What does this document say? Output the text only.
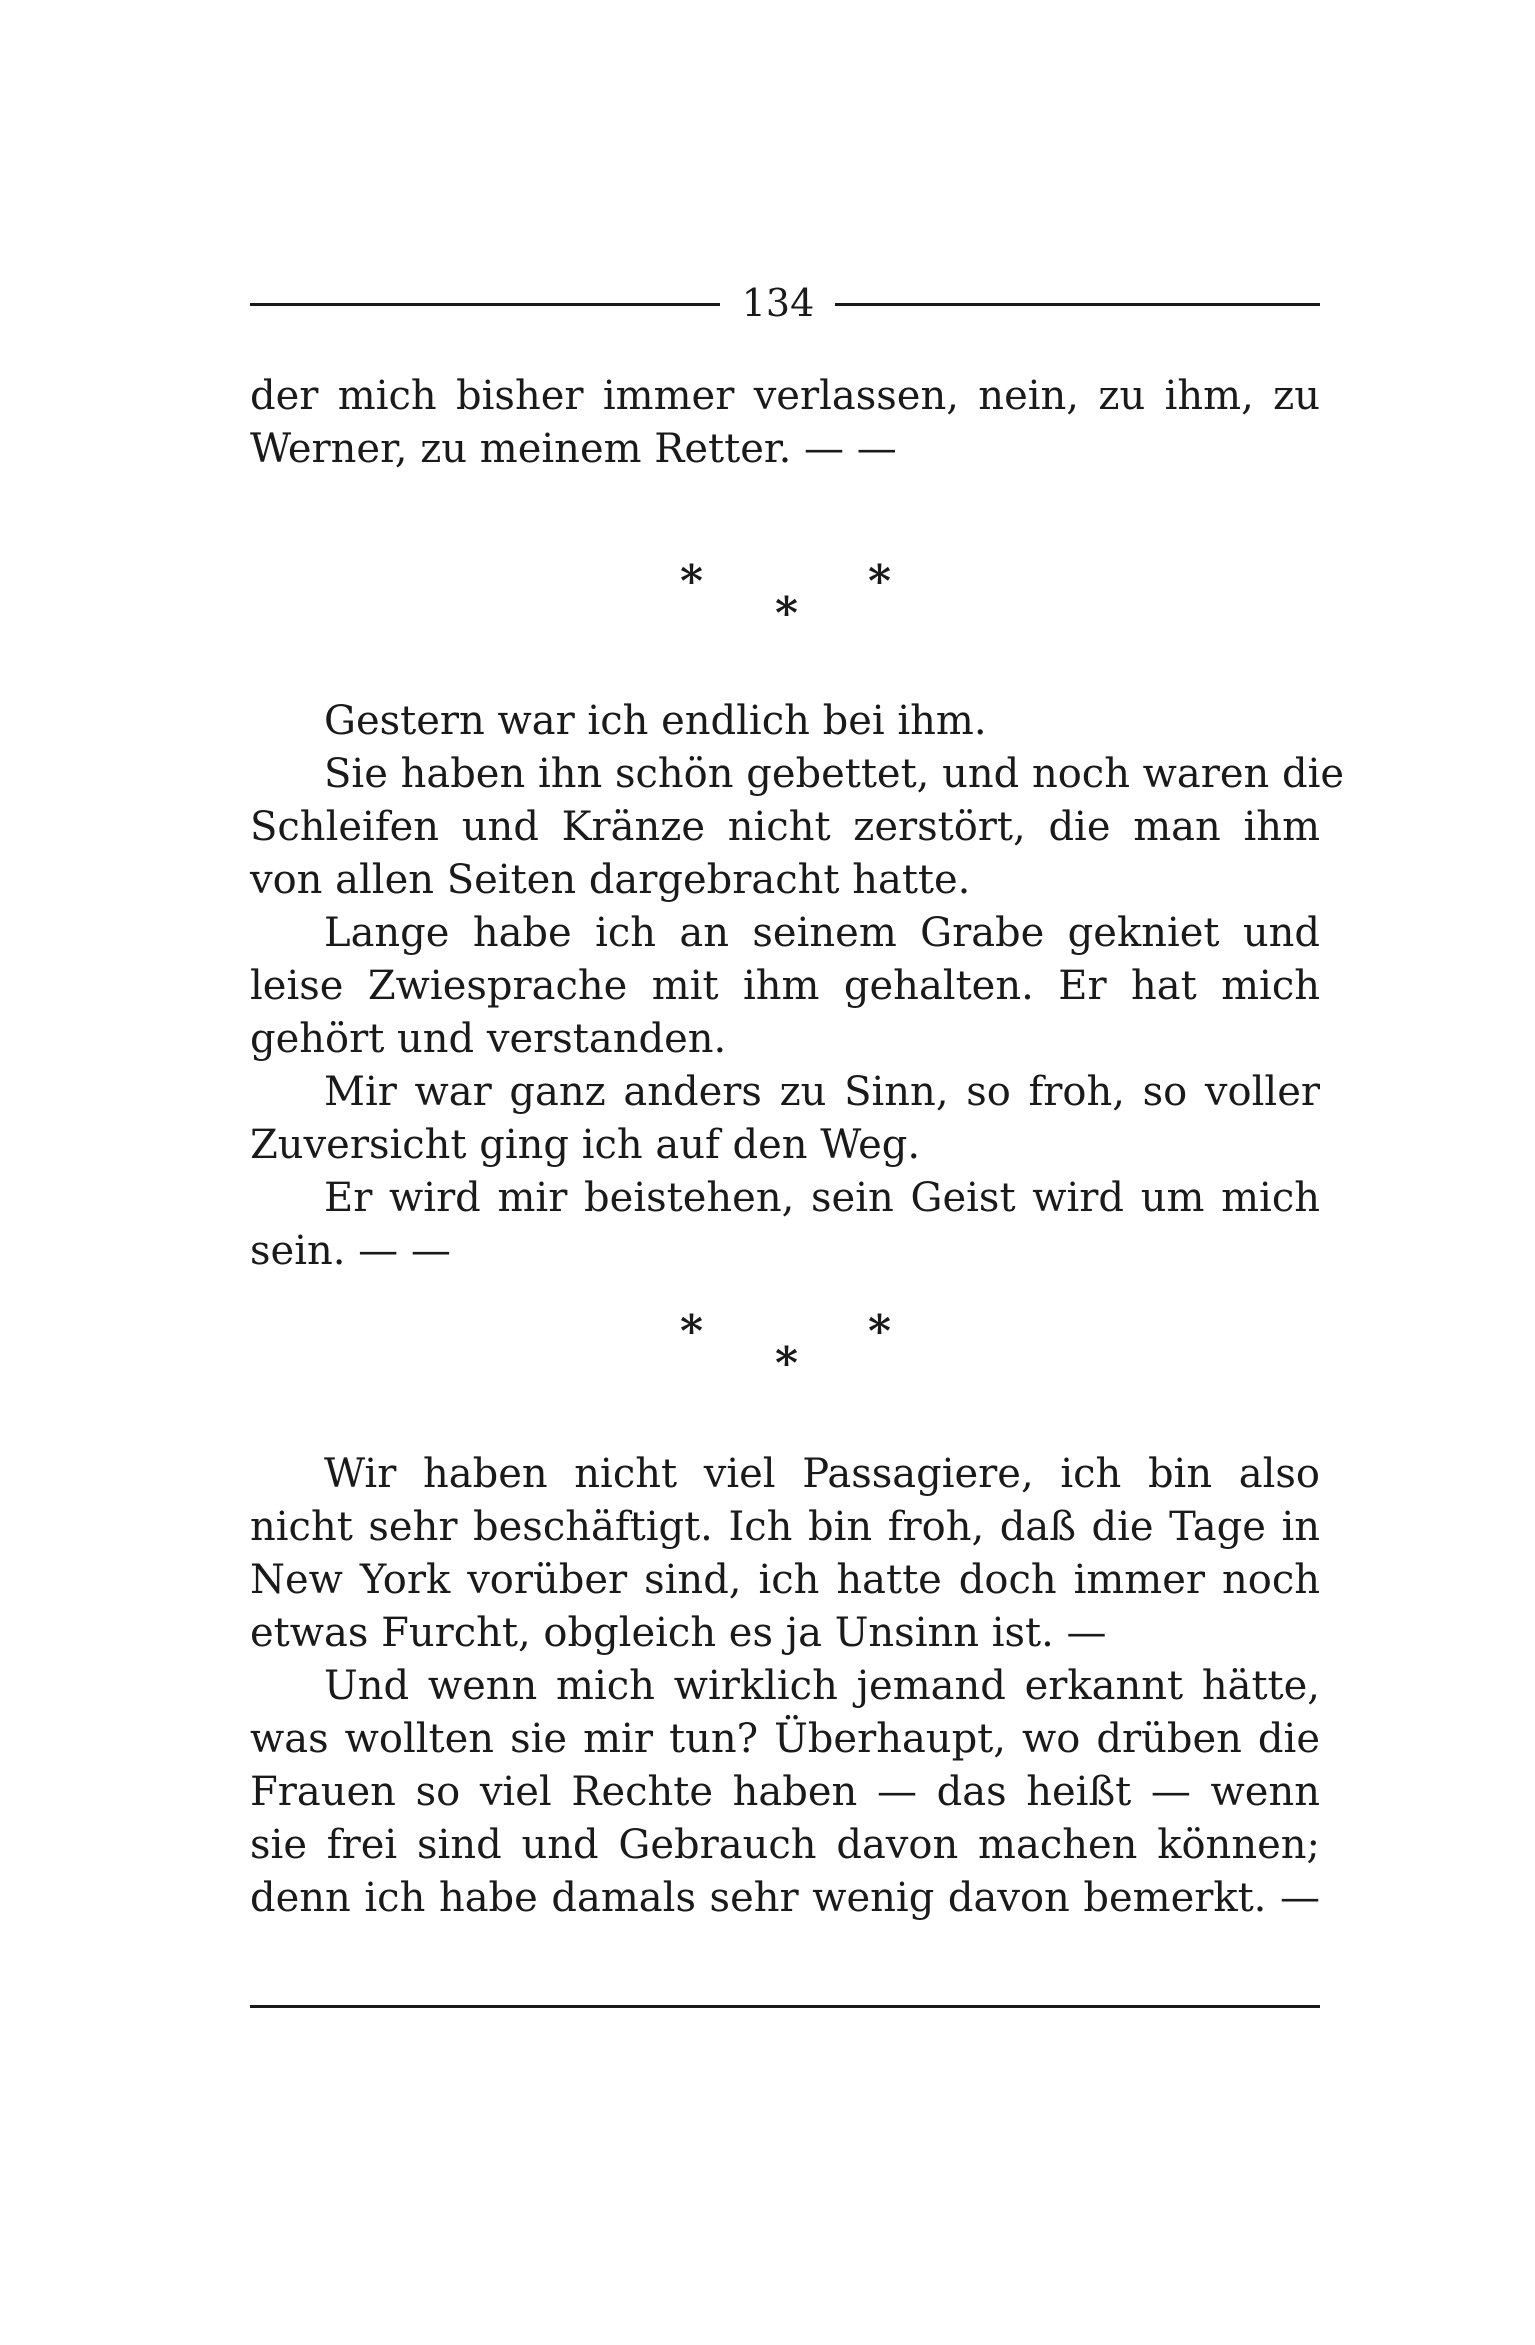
134
der mich bisher immer verlassen, nein, zu ihm, zu
Werner, zu meinem Retter. — —
*	*
*
Gestern war ich endlich bei ihm.
Sie haben ihn schön gebettet, und noch waren die
Schleifen und Kränze nicht zerstört, die man ihm
von allen Seiten dargebracht hatte.
Lange habe ich an seinem Grabe gekniet und
leise Zwiesprache mit ihm gehalten. Er hat mich
gehört und verstanden.
Mir war ganz anders zu Sinn, so froh, so voller
Zuversicht ging ich auf den Weg.
Er wird mir beistehen, sein Geist wird um mich
sein. — —
*	*
*
Wir haben nicht viel Passagiere, ich bin also
nicht sehr beschäftigt. Ich bin froh, daß die Tage in
New York vorüber sind, ich hatte doch immer noch
etwas Furcht, obgleich es ja Unsinn ist. —
Und wenn mich wirklich jemand erkannt hätte,
was wollten sie mir tun? Überhaupt, wo drüben die
Frauen so viel Rechte haben — das heißt — wenn
sie frei sind und Gebrauch davon machen können;
denn ich habe damals sehr wenig davon bemerkt. —
